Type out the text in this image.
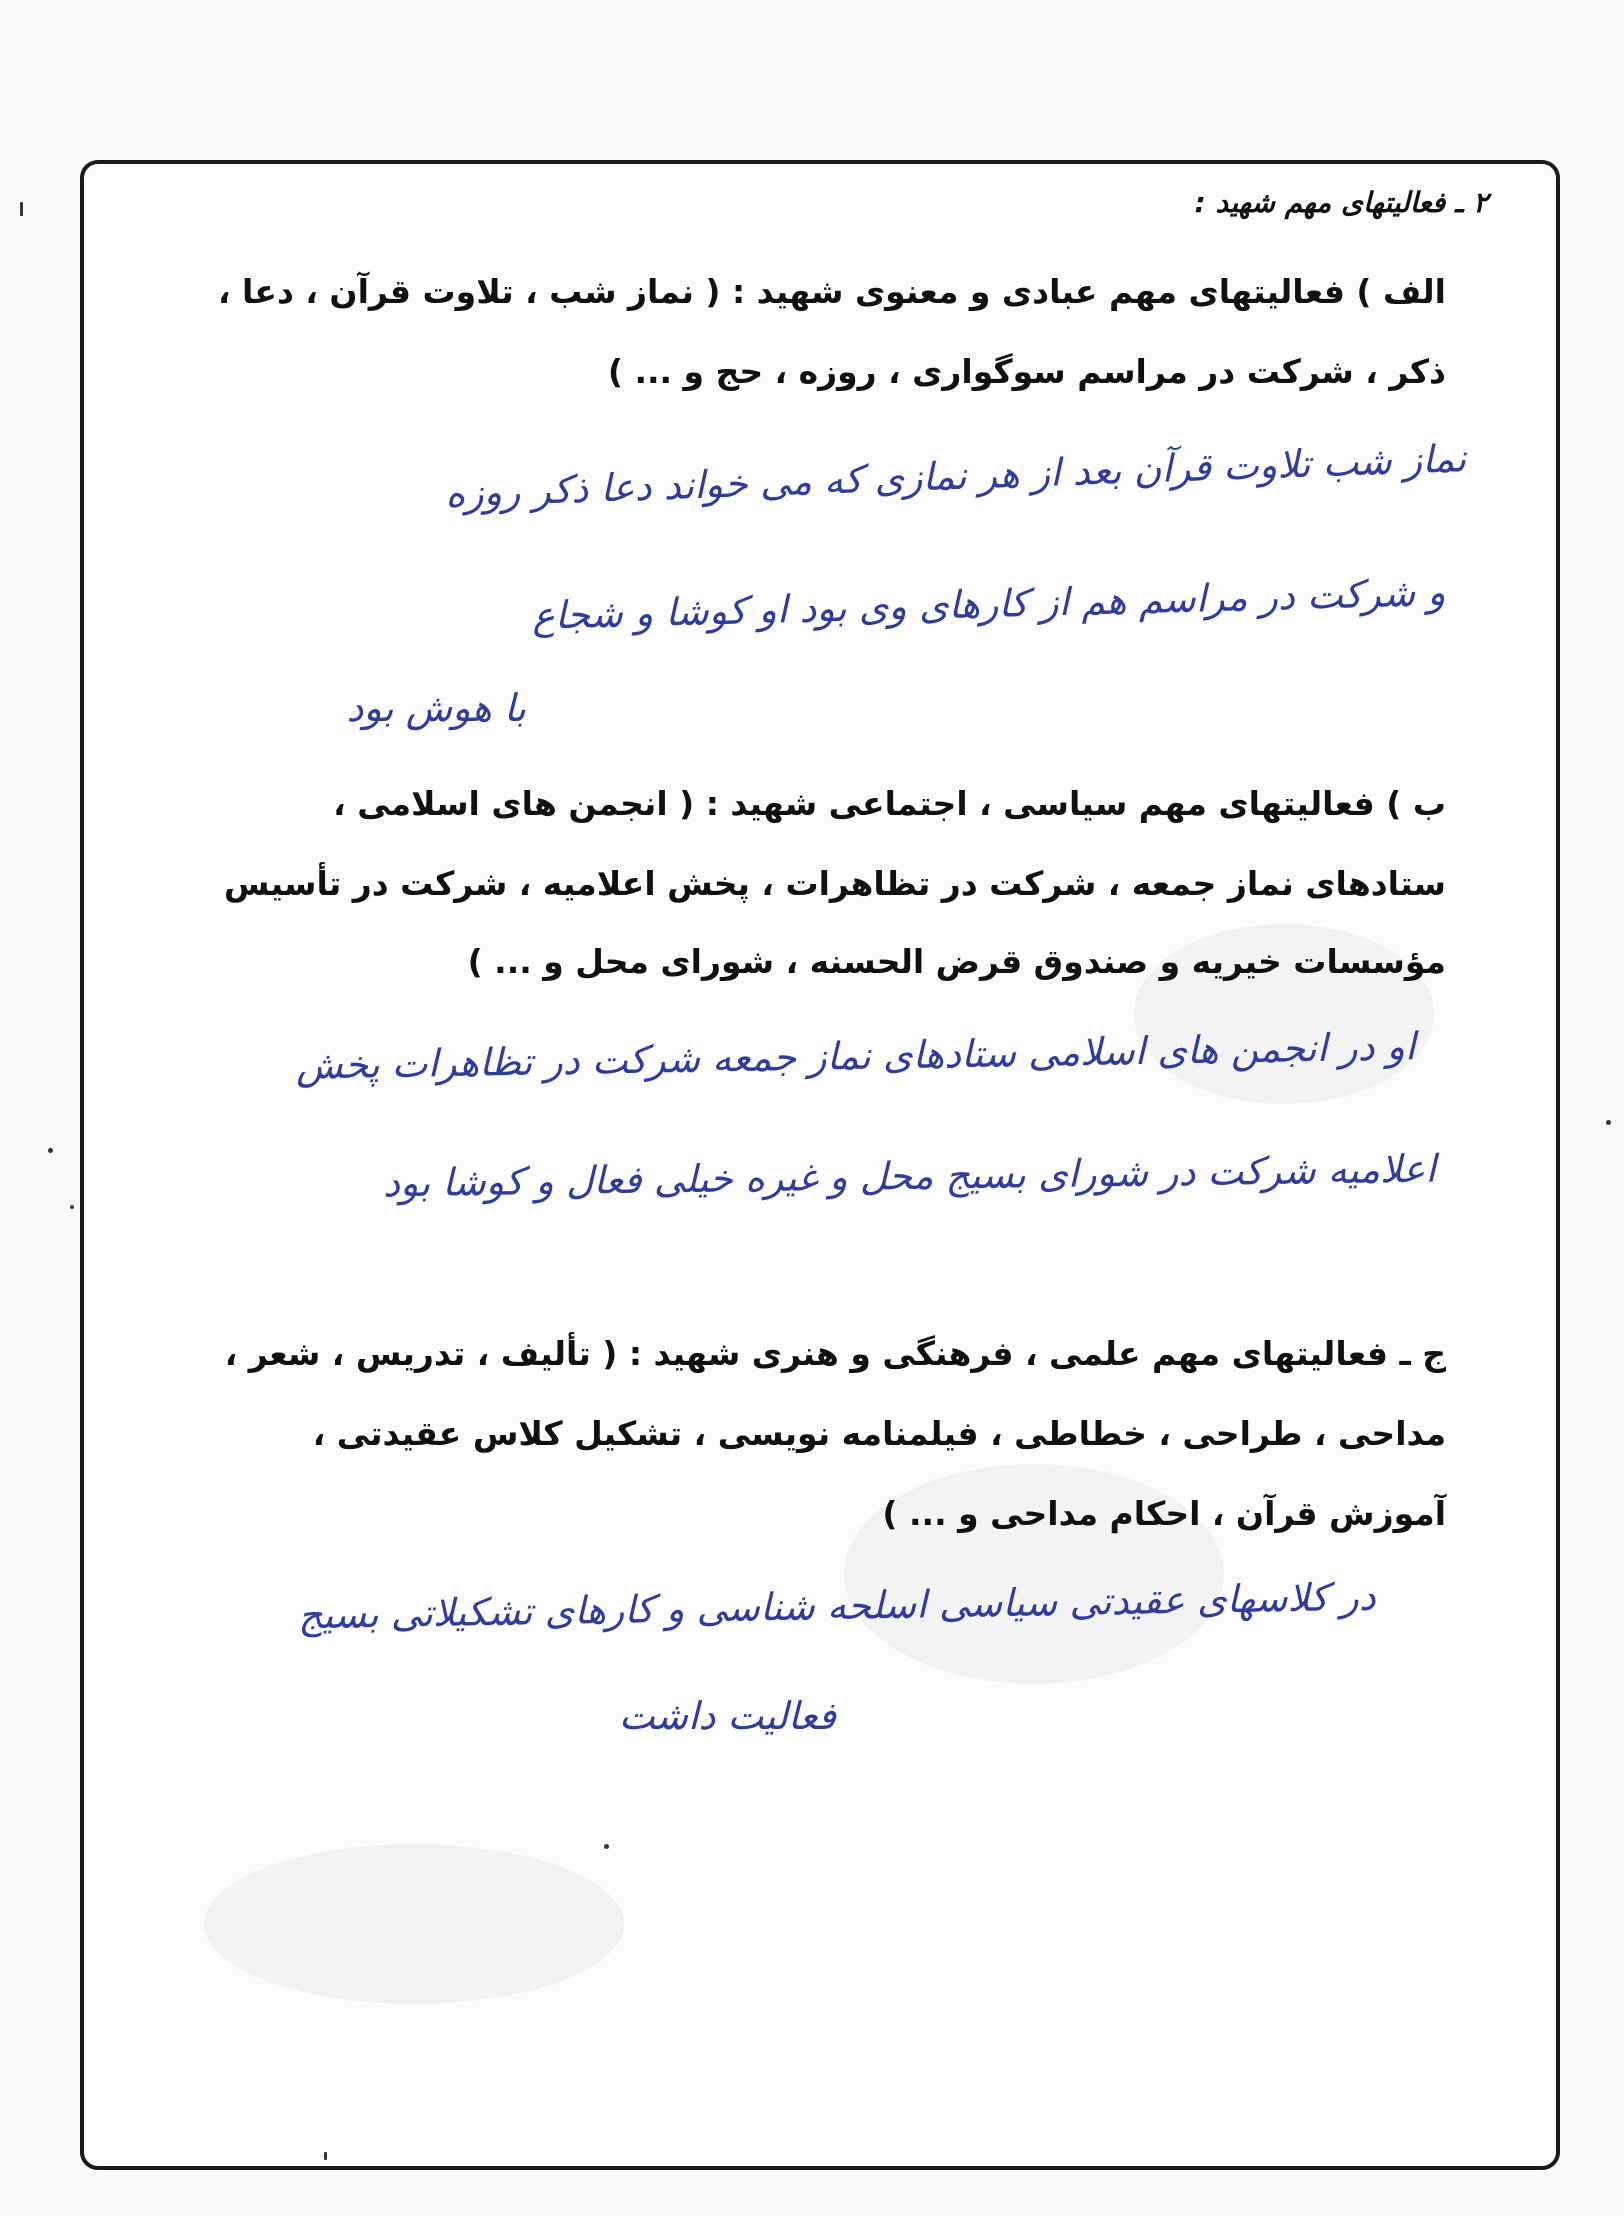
۲ ـ فعالیتهای مهم شهید :

الف ) فعالیتهای مهم عبادی و معنوی شهید : ( نماز شب ، تلاوت قرآن ، دعا ،

ذکر ، شرکت در مراسم سوگواری ، روزه ، حج و ... )

نماز شب تلاوت قرآن بعد از هر نمازی که می خواند دعا ذکر روزه

و شرکت در مراسم هم از کارهای وی بود او کوشا و شجاع

با هوش بود

ب ) فعالیتهای مهم سیاسی ، اجتماعی شهید : ( انجمن های اسلامی ،

ستادهای نماز جمعه ، شرکت در تظاهرات ، پخش اعلامیه ، شرکت در تأسیس

مؤسسات خیریه و صندوق قرض الحسنه ، شورای محل و ... )

او در انجمن های اسلامی ستادهای نماز جمعه شرکت در تظاهرات پخش

اعلامیه شرکت در شورای بسیج محل و غیره خیلی فعال و کوشا بود

ج ـ فعالیتهای مهم علمی ، فرهنگی و هنری شهید : ( تألیف ، تدریس ، شعر ،

مداحی ، طراحی ، خطاطی ، فیلمنامه نویسی ، تشکیل کلاس عقیدتی ،

آموزش قرآن ، احکام مداحی و ... )

در کلاسهای عقیدتی سیاسی اسلحه شناسی و کارهای تشکیلاتی بسیج

فعالیت داشت
